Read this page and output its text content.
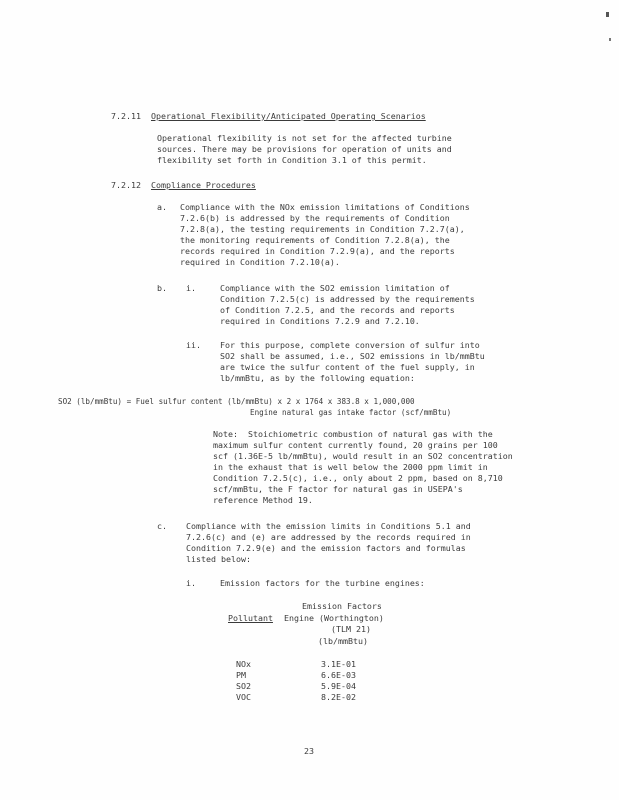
7.2.11 Operational Flexibility/Anticipated Operating Scenarios
Operational flexibility is not set for the affected turbine
sources. There may be provisions for operation of units and
flexibility set forth in Condition 3.1 of this permit.
7.2.12 Compliance Procedures
a. Compliance with the NOx emission limitations of Conditions
7.2.6(b) is addressed by the requirements of Condition
7.2.8(a), the testing requirements in Condition 7.2.7(a),
the monitoring requirements of Condition 7.2.8(a), the
records required in Condition 7.2.9(a), and the reports
required in Condition 7.2.10(a).
b. i.	Compliance with the SO2 emission limitation of
Condition 7.2.5(c) is addressed by the requirements
of Condition 7.2.5, and the records and reports
required in Conditions 7.2.9 and 7.2.10.
ii. For this purpose, complete conversion of sulfur into
SO2 shall be assumed, i.e., SO2 emissions in lb/mmBtu
are twice the sulfur content of the fuel supply, in
lb/mmBtu, as by the following equation:
SO2 (lb/mmBtu) = Fuel sulfur content (lb/mmBtu) x 2 x 1764 x 383.8 x 1,000,000
Engine natural gas intake factor (scf/mmBtu)
Note:  Stoichiometric combustion of natural gas with the
maximum sulfur content currently found, 20 grains per 100
scf (1.36E-5 lb/mmBtu), would result in an SO2 concentration
in the exhaust that is well below the 2000 ppm limit in
Condition 7.2.5(c), i.e., only about 2 ppm, based on 8,710
scf/mmBtu, the F factor for natural gas in USEPA's
reference Method 19.
c. Compliance with the emission limits in Conditions 5.1 and
7.2.6(c) and (e) are addressed by the records required in
Condition 7.2.9(e) and the emission factors and formulas
listed below:
i.	Emission factors for the turbine engines:
Emission Factors
Pollutant Engine (Worthington)
(TLM 21)
(lb/mmBtu)
NOx
PM
SO2
VOC
3.1E-01
6.6E-03
5.9E-04
8.2E-02
23
